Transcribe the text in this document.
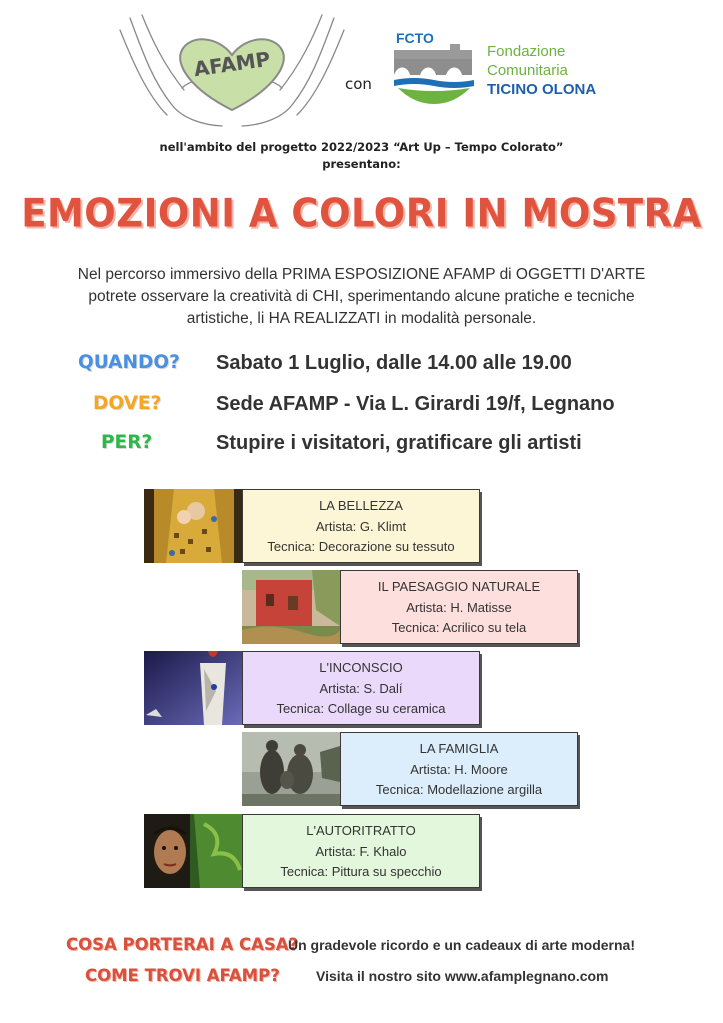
AFAMP
con
FCTO
Fondazione
Comunitaria
TICINO OLONA
nell'ambito del progetto 2022/2023 “Art Up – Tempo Colorato”
presentano:
EMOZIONI A COLORI IN MOSTRA
Nel percorso immersivo della PRIMA ESPOSIZIONE AFAMP di OGGETTI D'ARTE
potrete osservare la creatività di CHI, sperimentando alcune pratiche e tecniche
artistiche, li HA REALIZZATI in modalità personale.
QUANDO? Sabato 1 Luglio, dalle 14.00 alle 19.00
DOVE?	Sede AFAMP - Via L. Girardi 19/f, Legnano
PER?	Stupire i visitatori, gratificare gli artisti
LA BELLEZZA
Artista: G. Klimt
Tecnica: Decorazione su tessuto
IL PAESAGGIO NATURALE
Artista: H. Matisse
Tecnica: Acrilico su tela
L'INCONSCIO
Artista: S. Dalí
Tecnica: Collage su ceramica
LA FAMIGLIA
Artista: H. Moore
Tecnica: Modellazione argilla
L'AUTORITRATTO
Artista: F. Khalo
Tecnica: Pittura su specchio
COSA PORTERAI A CASA?
Un gradevole ricordo e un cadeaux di arte moderna!
COME TROVI AFAMP?	Visita il nostro sito www.afamplegnano.com
